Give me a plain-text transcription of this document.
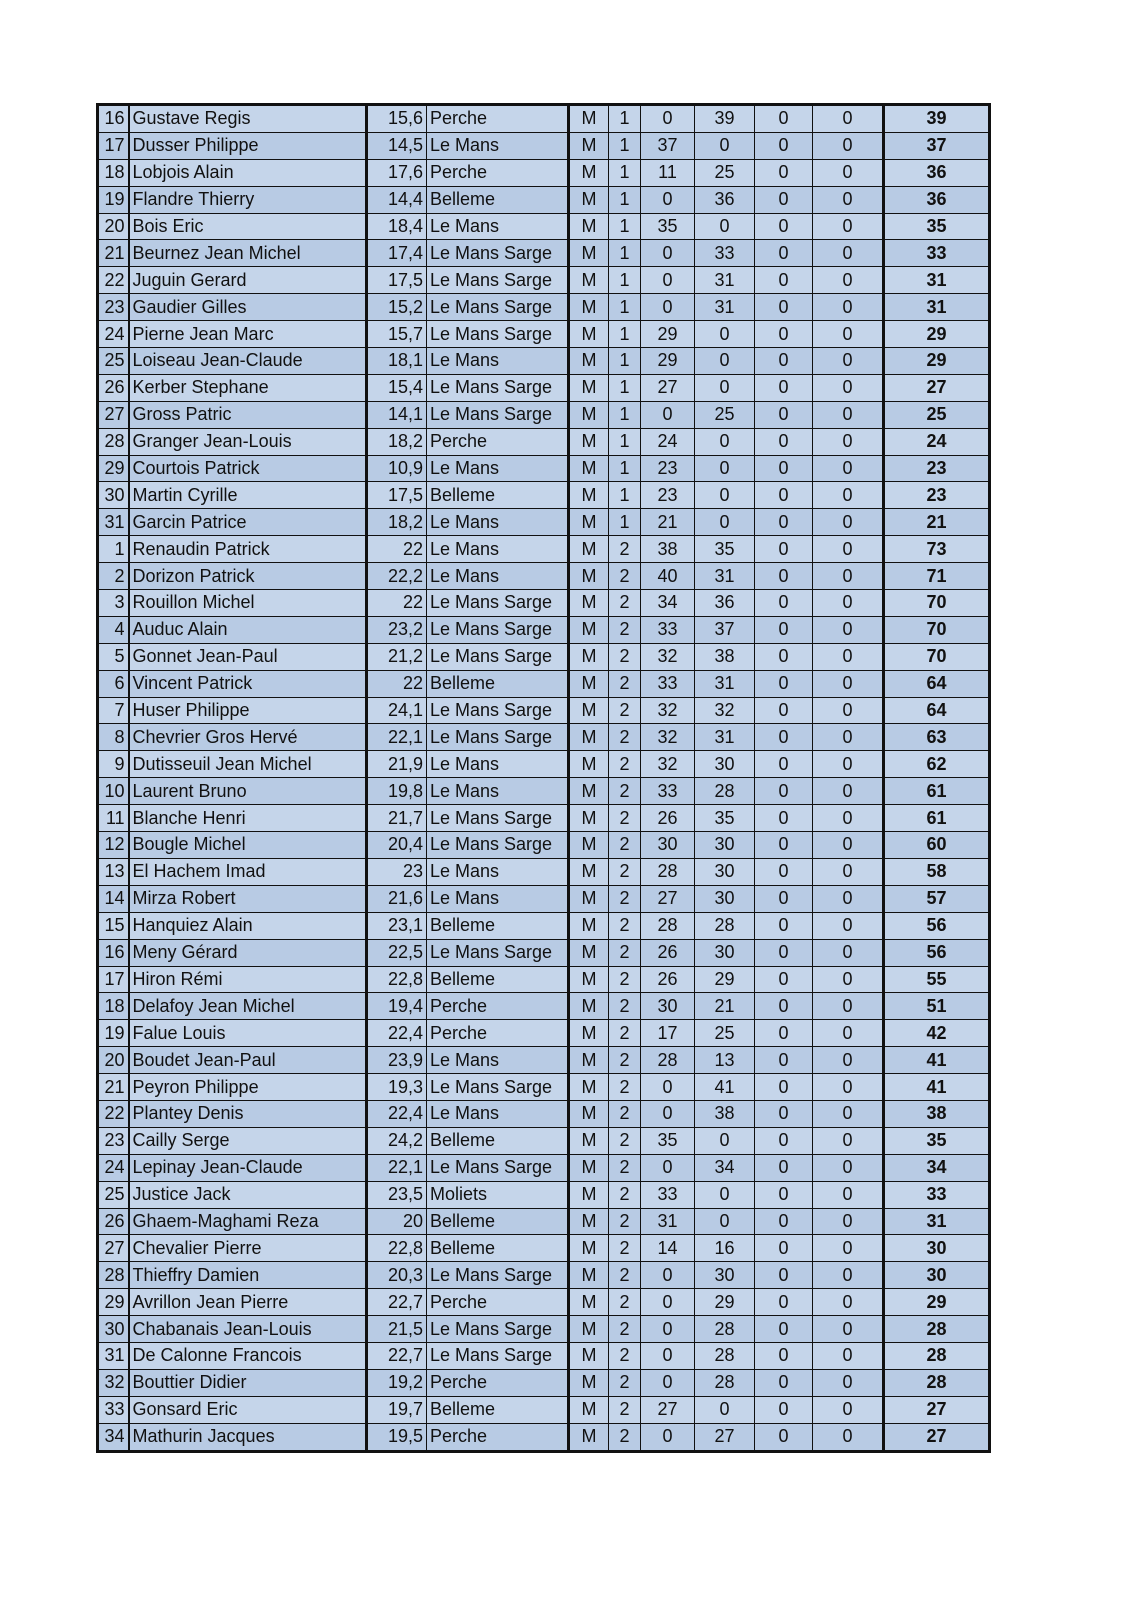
16	Gustave Regis	15,6	Perche	M	1	0	39	0	0	39
17	Dusser Philippe	14,5	Le Mans	M	1	37	0	0	0	37
18	Lobjois Alain	17,6	Perche	M	1	11	25	0	0	36
19	Flandre Thierry	14,4	Belleme	M	1	0	36	0	0	36
20	Bois Eric	18,4	Le Mans	M	1	35	0	0	0	35
21	Beurnez Jean Michel	17,4	Le Mans Sarge	M	1	0	33	0	0	33
22	Juguin Gerard	17,5	Le Mans Sarge	M	1	0	31	0	0	31
23	Gaudier Gilles	15,2	Le Mans Sarge	M	1	0	31	0	0	31
24	Pierne Jean Marc	15,7	Le Mans Sarge	M	1	29	0	0	0	29
25	Loiseau Jean-Claude	18,1	Le Mans	M	1	29	0	0	0	29
26	Kerber Stephane	15,4	Le Mans Sarge	M	1	27	0	0	0	27
27	Gross Patric	14,1	Le Mans Sarge	M	1	0	25	0	0	25
28	Granger Jean-Louis	18,2	Perche	M	1	24	0	0	0	24
29	Courtois Patrick	10,9	Le Mans	M	1	23	0	0	0	23
30	Martin Cyrille	17,5	Belleme	M	1	23	0	0	0	23
31	Garcin Patrice	18,2	Le Mans	M	1	21	0	0	0	21
1	Renaudin Patrick	22	Le Mans	M	2	38	35	0	0	73
2	Dorizon Patrick	22,2	Le Mans	M	2	40	31	0	0	71
3	Rouillon Michel	22	Le Mans Sarge	M	2	34	36	0	0	70
4	Auduc Alain	23,2	Le Mans Sarge	M	2	33	37	0	0	70
5	Gonnet Jean-Paul	21,2	Le Mans Sarge	M	2	32	38	0	0	70
6	Vincent Patrick	22	Belleme	M	2	33	31	0	0	64
7	Huser Philippe	24,1	Le Mans Sarge	M	2	32	32	0	0	64
8	Chevrier Gros Hervé	22,1	Le Mans Sarge	M	2	32	31	0	0	63
9	Dutisseuil Jean Michel	21,9	Le Mans	M	2	32	30	0	0	62
10	Laurent Bruno	19,8	Le Mans	M	2	33	28	0	0	61
11	Blanche Henri	21,7	Le Mans Sarge	M	2	26	35	0	0	61
12	Bougle Michel	20,4	Le Mans Sarge	M	2	30	30	0	0	60
13	El Hachem Imad	23	Le Mans	M	2	28	30	0	0	58
14	Mirza Robert	21,6	Le Mans	M	2	27	30	0	0	57
15	Hanquiez Alain	23,1	Belleme	M	2	28	28	0	0	56
16	Meny Gérard	22,5	Le Mans Sarge	M	2	26	30	0	0	56
17	Hiron Rémi	22,8	Belleme	M	2	26	29	0	0	55
18	Delafoy Jean Michel	19,4	Perche	M	2	30	21	0	0	51
19	Falue Louis	22,4	Perche	M	2	17	25	0	0	42
20	Boudet Jean-Paul	23,9	Le Mans	M	2	28	13	0	0	41
21	Peyron Philippe	19,3	Le Mans Sarge	M	2	0	41	0	0	41
22	Plantey Denis	22,4	Le Mans	M	2	0	38	0	0	38
23	Cailly Serge	24,2	Belleme	M	2	35	0	0	0	35
24	Lepinay Jean-Claude	22,1	Le Mans Sarge	M	2	0	34	0	0	34
25	Justice Jack	23,5	Moliets	M	2	33	0	0	0	33
26	Ghaem-Maghami Reza	20	Belleme	M	2	31	0	0	0	31
27	Chevalier Pierre	22,8	Belleme	M	2	14	16	0	0	30
28	Thieffry Damien	20,3	Le Mans Sarge	M	2	0	30	0	0	30
29	Avrillon Jean Pierre	22,7	Perche	M	2	0	29	0	0	29
30	Chabanais Jean-Louis	21,5	Le Mans Sarge	M	2	0	28	0	0	28
31	De Calonne Francois	22,7	Le Mans Sarge	M	2	0	28	0	0	28
32	Bouttier Didier	19,2	Perche	M	2	0	28	0	0	28
33	Gonsard Eric	19,7	Belleme	M	2	27	0	0	0	27
34	Mathurin Jacques	19,5	Perche	M	2	0	27	0	0	27
